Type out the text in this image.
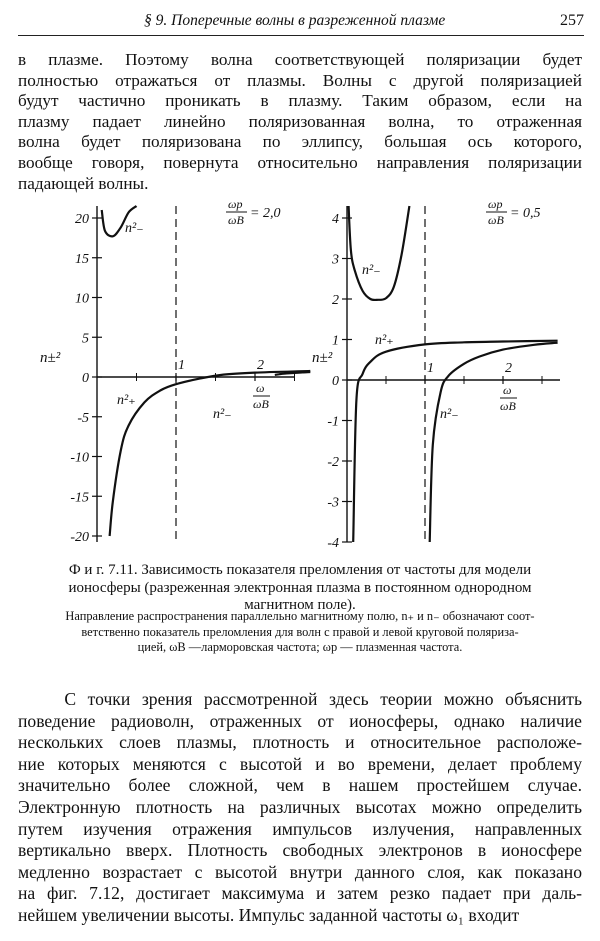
§ 9. Поперечные волны в разреженной плазме	257
в плазме. Поэтому волна соответствующей поляризации будет
полностью отражаться от плазмы. Волны с другой поляризацией
будут частично проникать в плазму. Таким образом, если на
плазму падает линейно поляризованная волна, то отраженная
волна будет поляризована по эллипсу, большая ось которого,
вообще говоря, повернута относительно направления поляризации
падающей волны.
20
15
10
5
0
-5
-10
-15
-20
1	2
n±²
n²₋
n²₊
n²₋
ωp
ωB = 2,0
ω
ωB
4
3
2
1
0
-1
-2
-3
-4
1	2
n±²
n²₋
n²₊
n²₋
ωp
ωB = 0,5
ω
ωB
Ф и г. 7.11. Зависимость показателя преломления от частоты для модели
ионосферы (разреженная электронная плазма в постоянном однородном
магнитном поле).
Направление распространения параллельно магнитному полю, n₊ и n₋ обозначают соот-
ветственно показатель преломления для волн с правой и левой круговой поляриза-
цией, ωB —ларморовская частота; ωp — плазменная частота.
С точки зрения рассмотренной здесь теории можно объяснить
поведение радиоволн, отраженных от ионосферы, однако наличие
нескольких слоев плазмы, плотность и относительное расположе-
ние которых меняются с высотой и во времени, делает проблему
значительно более сложной, чем в нашем простейшем случае.
Электронную плотность на различных высотах можно определить
путем изучения отражения импульсов излучения, направленных
вертикально вверх. Плотность свободных электронов в ионосфере
медленно возрастает с высотой внутри данного слоя, как показано
на фиг. 7.12, достигает максимума и затем резко падает при даль-
нейшем увеличении высоты. Импульс заданной частоты ω₁ входит
